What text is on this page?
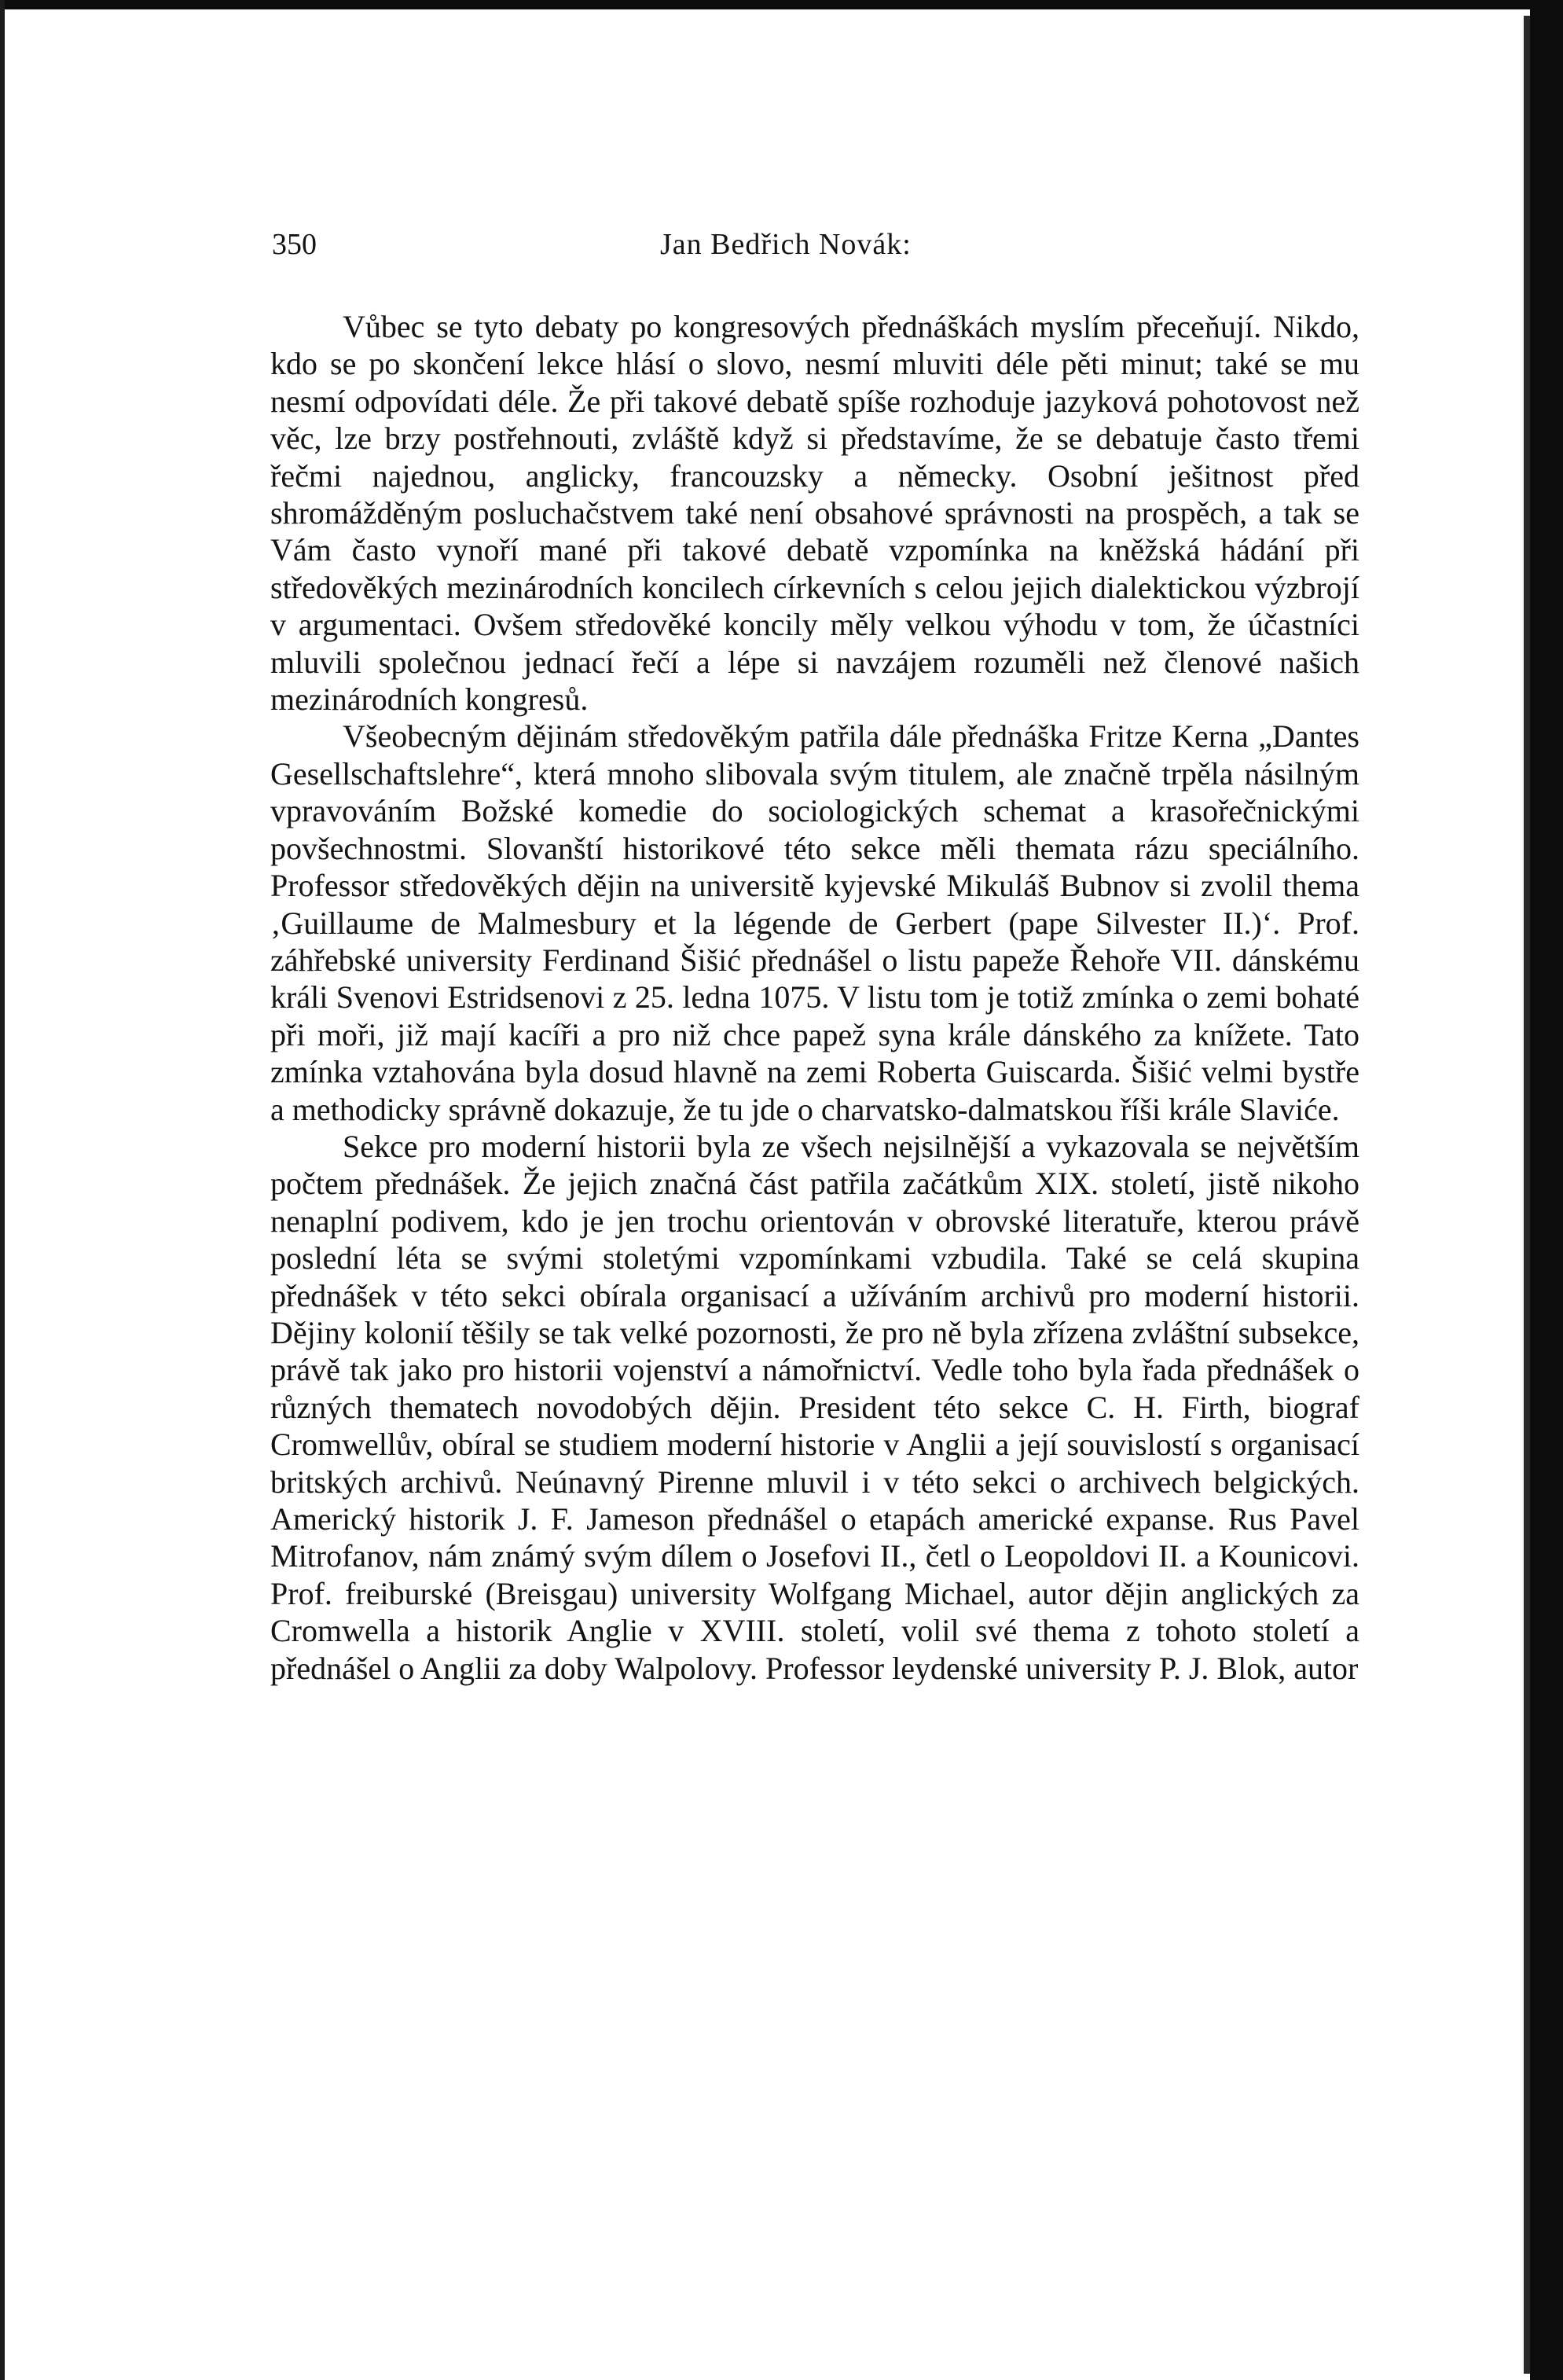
350	Jan Bedřich Novák:

Vůbec se tyto debaty po kongresových přednáškách myslím přeceňují. Nikdo, kdo se po skončení lekce hlásí o slovo, nesmí mluviti déle pěti minut; také se mu nesmí odpovídati déle. Že při takové debatě spíše rozhoduje jazyková pohotovost než věc, lze brzy postřehnouti, zvláště když si představíme, že se debatuje často třemi řečmi najednou, anglicky, francouzsky a německy. Osobní ješitnost před shromážděným posluchačstvem také není obsahové správnosti na prospěch, a tak se Vám často vynoří mané při takové debatě vzpomínka na kněžská hádání při středověkých mezinárodních koncilech církevních s celou jejich dialektickou výzbrojí v argumentaci. Ovšem středověké koncily měly velkou výhodu v tom, že účastníci mluvili společnou jednací řečí a lépe si navzájem rozuměli než členové našich mezinárodních kongresů.

Všeobecným dějinám středověkým patřila dále přednáška Fritze Kerna „Dantes Gesellschaftslehre“, která mnoho slibovala svým titulem, ale značně trpěla násilným vpravováním Božské komedie do sociologických schemat a krasořečnickými povšechnostmi. Slovanští historikové této sekce měli themata rázu speciálního. Professor středověkých dějin na universitě kyjevské Mikuláš Bubnov si zvolil thema ‚Guillaume de Malmesbury et la légende de Gerbert (pape Silvester II.)‘. Prof. záhřebské university Ferdinand Šišić přednášel o listu papeže Řehoře VII. dánskému králi Svenovi Estridsenovi z 25. ledna 1075. V listu tom je totiž zmínka o zemi bohaté při moři, již mají kacíři a pro niž chce papež syna krále dánského za knížete. Tato zmínka vztahována byla dosud hlavně na zemi Roberta Guiscarda. Šišić velmi bystře a methodicky správně dokazuje, že tu jde o charvatsko-dalmatskou říši krále Slaviće.

Sekce pro moderní historii byla ze všech nejsilnější a vykazovala se největším počtem přednášek. Že jejich značná část patřila začátkům XIX. století, jistě nikoho nenaplní podivem, kdo je jen trochu orientován v obrovské literatuře, kterou právě poslední léta se svými stoletými vzpomínkami vzbudila. Také se celá skupina přednášek v této sekci obírala organisací a užíváním archivů pro moderní historii. Dějiny kolonií těšily se tak velké pozornosti, že pro ně byla zřízena zvláštní subsekce, právě tak jako pro historii vojenství a námořnictví. Vedle toho byla řada přednášek o různých thematech novodobých dějin. President této sekce C. H. Firth, biograf Cromwellův, obíral se studiem moderní historie v Anglii a její souvislostí s organisací britských archivů. Neúnavný Pirenne mluvil i v této sekci o archivech belgických. Americký historik J. F. Jameson přednášel o etapách americké expanse. Rus Pavel Mitrofanov, nám známý svým dílem o Josefovi II., četl o Leopoldovi II. a Kounicovi. Prof. freiburské (Breisgau) university Wolfgang Michael, autor dějin anglických za Cromwella a historik Anglie v XVIII. století, volil své thema z tohoto století a přednášel o Anglii za doby Walpolovy. Professor leydenské university P. J. Blok, autor
